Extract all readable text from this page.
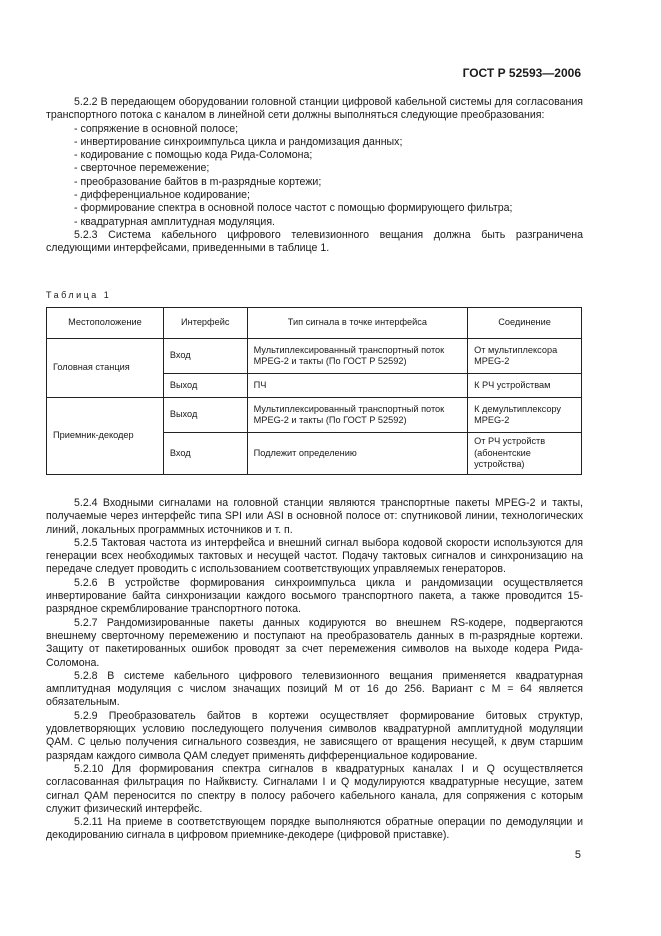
ГОСТ Р 52593—2006

5.2.2 В передающем оборудовании головной станции цифровой кабельной системы для согласования транспортного потока с каналом в линейной сети должны выполняться следующие преобразования:

- сопряжение в основной полосе;
- инвертирование синхроимпульса цикла и рандомизация данных;
- кодирование с помощью кода Рида-Соломона;
- сверточное перемежение;
- преобразование байтов в m-разрядные кортежи;
- дифференциальное кодирование;
- формирование спектра в основной полосе частот с помощью формирующего фильтра;
- квадратурная амплитудная модуляция.

5.2.3 Система кабельного цифрового телевизионного вещания должна быть разграничена следующими интерфейсами, приведенными в таблице 1.

Таблица 1
Местоположение	Интерфейс	Тип сигнала в точке интерфейса	Соединение
Головная станция	Вход	Мультиплексированный транспортный поток MPEG-2 и такты (По ГОСТ Р 52592)	От мультиплексора MPEG-2
	Выход	ПЧ	К РЧ устройствам
Приемник-декодер	Выход	Мультиплексированный транспортный поток MPEG-2 и такты (По ГОСТ Р 52592)	К демультиплексору MPEG-2
	Вход	Подлежит определению	От РЧ устройств (абонентские устройства)

5.2.4 Входными сигналами на головной станции являются транспортные пакеты MPEG-2 и такты, получаемые через интерфейс типа SPI или ASI в основной полосе от: спутниковой линии, технологических линий, локальных программных источников и т. п.

5.2.5 Тактовая частота из интерфейса и внешний сигнал выбора кодовой скорости используются для генерации всех необходимых тактовых и несущей частот. Подачу тактовых сигналов и синхронизацию на передаче следует проводить с использованием соответствующих управляемых генераторов.

5.2.6 В устройстве формирования синхроимпульса цикла и рандомизации осуществляется инвертирование байта синхронизации каждого восьмого транспортного пакета, а также проводится 15-разрядное скремблирование транспортного потока.

5.2.7 Рандомизированные пакеты данных кодируются во внешнем RS-кодере, подвергаются внешнему сверточному перемежению и поступают на преобразователь данных в m-разрядные кортежи. Защиту от пакетированных ошибок проводят за счет перемежения символов на выходе кодера Рида-Соломона.

5.2.8 В системе кабельного цифрового телевизионного вещания применяется квадратурная амплитудная модуляция с числом значащих позиций M от 16 до 256. Вариант с M = 64 является обязательным.

5.2.9 Преобразователь байтов в кортежи осуществляет формирование битовых структур, удовлетворяющих условию последующего получения символов квадратурной амплитудной модуляции QAM. С целью получения сигнального созвездия, не зависящего от вращения несущей, к двум старшим разрядам каждого символа QAM следует применять дифференциальное кодирование.

5.2.10 Для формирования спектра сигналов в квадратурных каналах I и Q осуществляется согласованная фильтрация по Найквисту. Сигналами I и Q модулируются квадратурные несущие, затем сигнал QAM переносится по спектру в полосу рабочего кабельного канала, для сопряжения с которым служит физический интерфейс.

5.2.11 На приеме в соответствующем порядке выполняются обратные операции по демодуляции и декодированию сигнала в цифровом приемнике-декодере (цифровой приставке).

5
